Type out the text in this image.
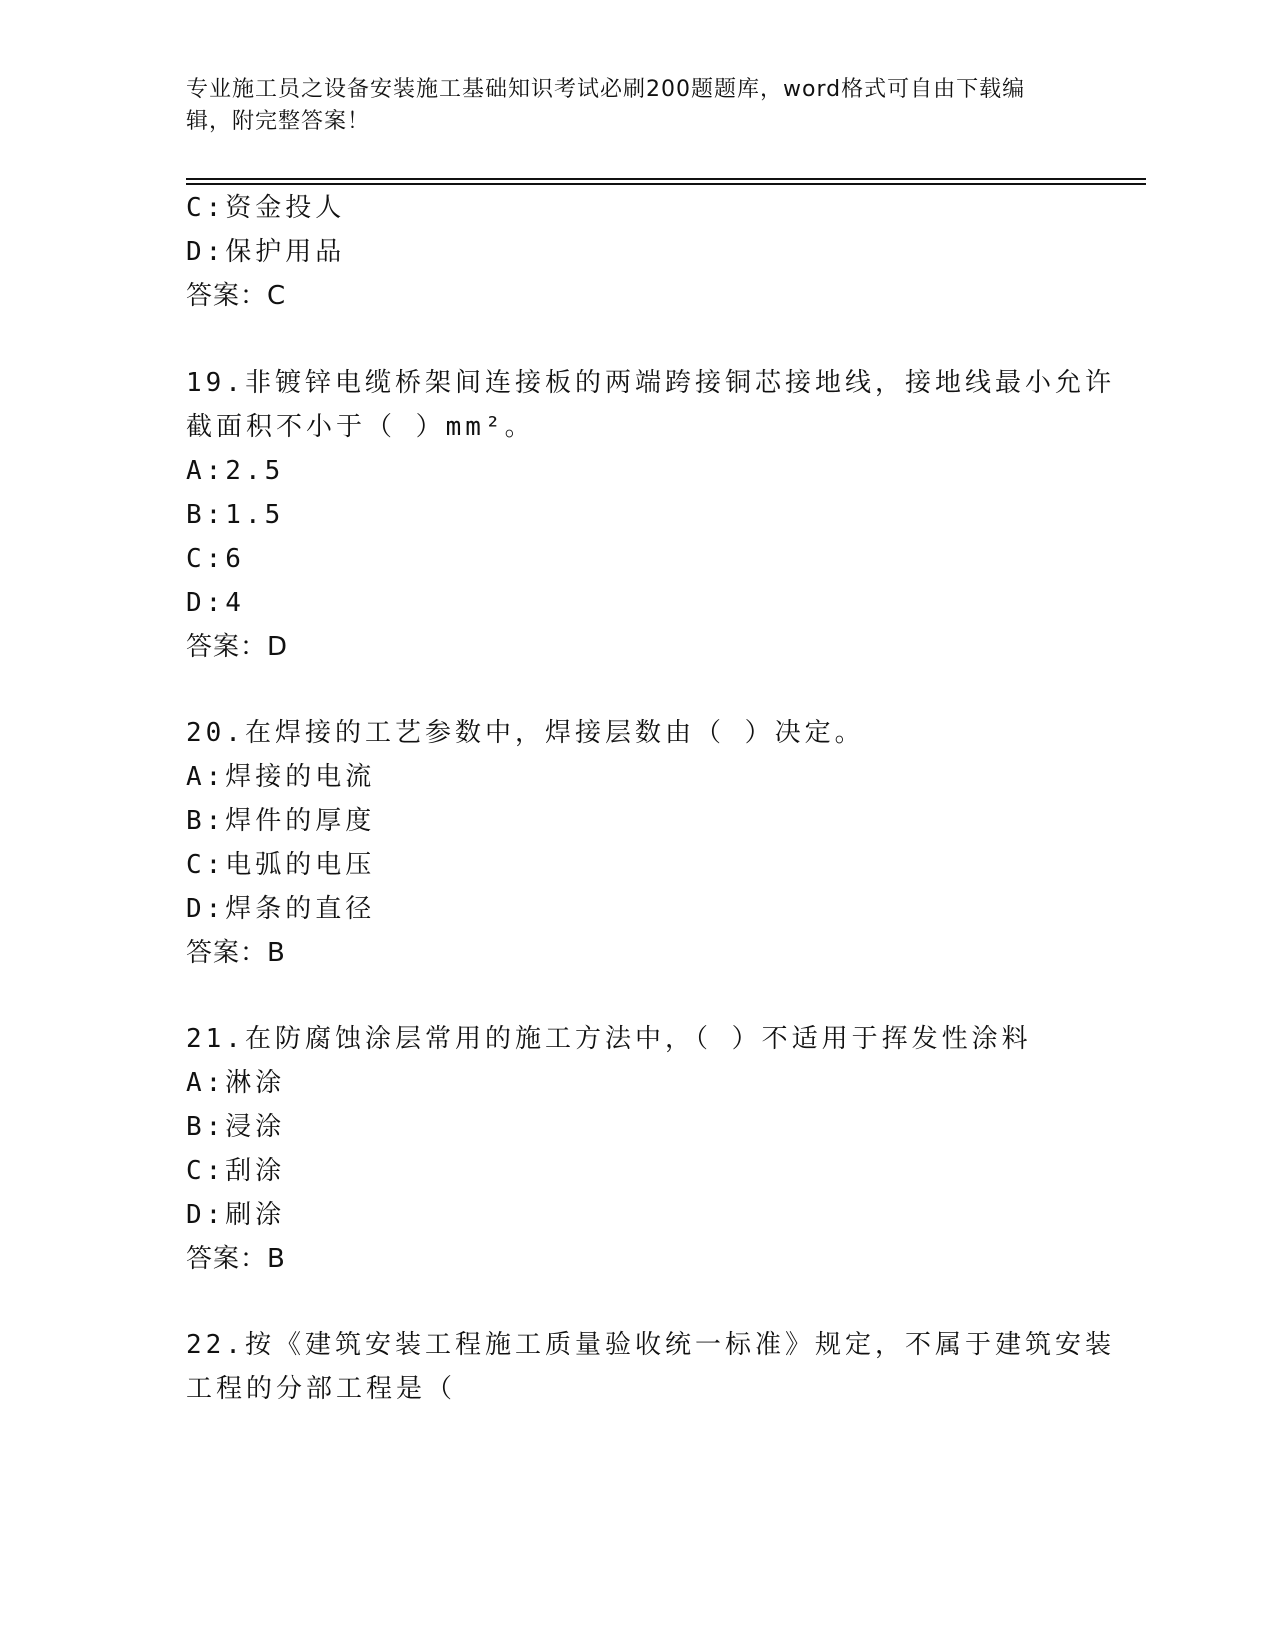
专业施工员之设备安装施工基础知识考试必刷200题题库，word格式可自由下载编辑，附完整答案！
C:资金投人
D:保护用品
答案：C
19.非镀锌电缆桥架间连接板的两端跨接铜芯接地线，接地线最小允许
截面积不小于（ ）mm²。
A:2.5
B:1.5
C:6
D:4
答案：D
20.在焊接的工艺参数中，焊接层数由（ ）决定。
A:焊接的电流
B:焊件的厚度
C:电弧的电压
D:焊条的直径
答案：B
21.在防腐蚀涂层常用的施工方法中，（ ）不适用于挥发性涂料
A:淋涂
B:浸涂
C:刮涂
D:刷涂
答案：B
22.按《建筑安装工程施工质量验收统一标准》规定，不属于建筑安装
工程的分部工程是（
